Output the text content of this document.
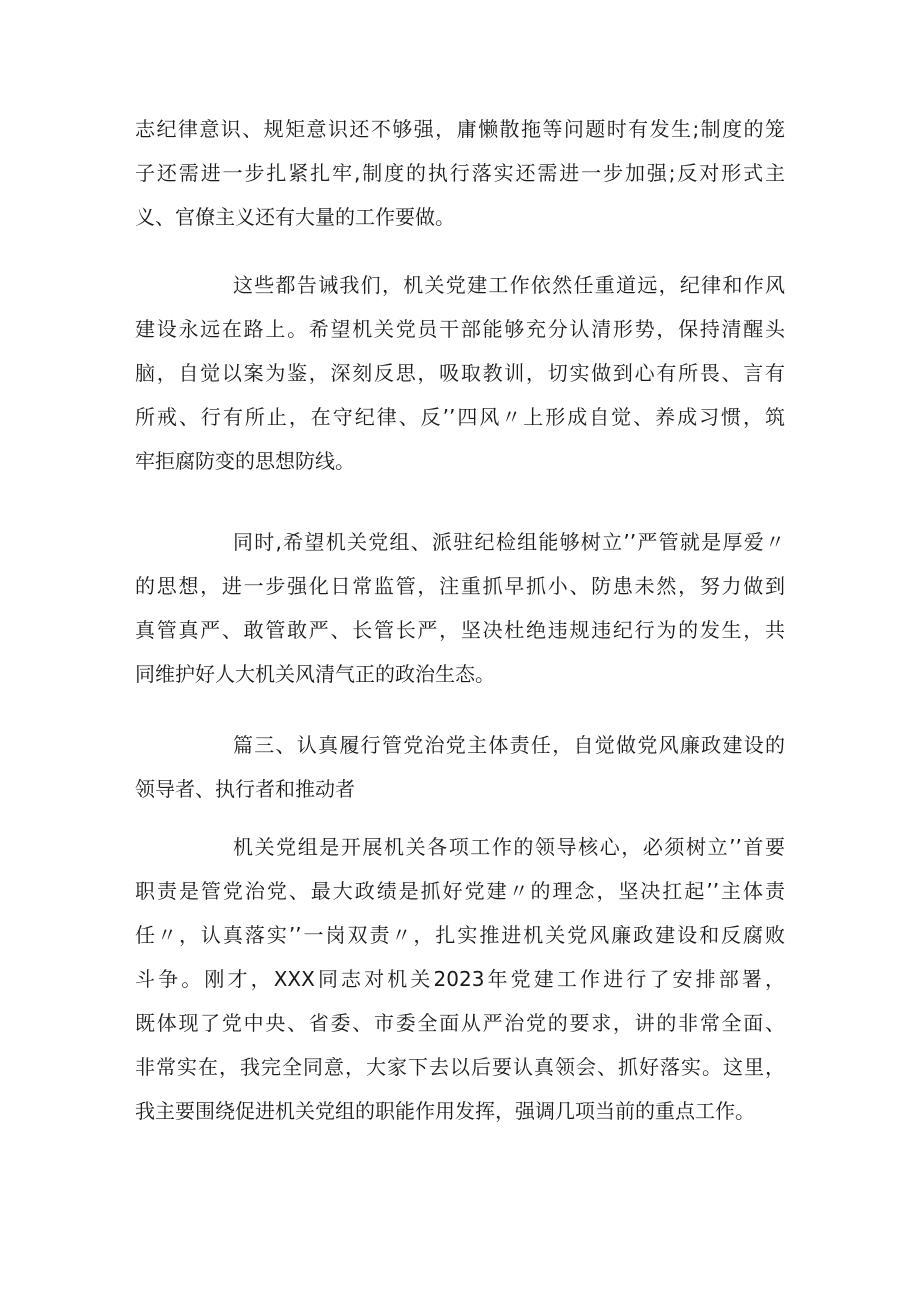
志纪律意识、规矩意识还不够强，庸懒散拖等问题时有发生;制度的笼
子还需进一步扎紧扎牢,制度的执行落实还需进一步加强;反对形式主
义、官僚主义还有大量的工作要做。
这些都告诫我们，机关党建工作依然任重道远，纪律和作风
建设永远在路上。希望机关党员干部能够充分认清形势，保持清醒头
脑，自觉以案为鉴，深刻反思，吸取教训，切实做到心有所畏、言有
所戒、行有所止，在守纪律、反’’四风〃上形成自觉、养成习惯，筑
牢拒腐防变的思想防线。
同时,希望机关党组、派驻纪检组能够树立’’严管就是厚爱〃
的思想，进一步强化日常监管，注重抓早抓小、防患未然，努力做到
真管真严、敢管敢严、长管长严，坚决杜绝违规违纪行为的发生，共
同维护好人大机关风清气正的政治生态。
篇三、认真履行管党治党主体责任，自觉做党风廉政建设的
领导者、执行者和推动者
机关党组是开展机关各项工作的领导核心，必须树立’’首要
职责是管党治党、最大政绩是抓好党建〃的理念，坚决扛起’’主体责
任〃，认真落实’’一岗双责〃，扎实推进机关党风廉政建设和反腐败
斗争。刚才，XXX同志对机关2023年党建工作进行了安排部署，
既体现了党中央、省委、市委全面从严治党的要求，讲的非常全面、
非常实在，我完全同意，大家下去以后要认真领会、抓好落实。这里，
我主要围绕促进机关党组的职能作用发挥，强调几项当前的重点工作。
